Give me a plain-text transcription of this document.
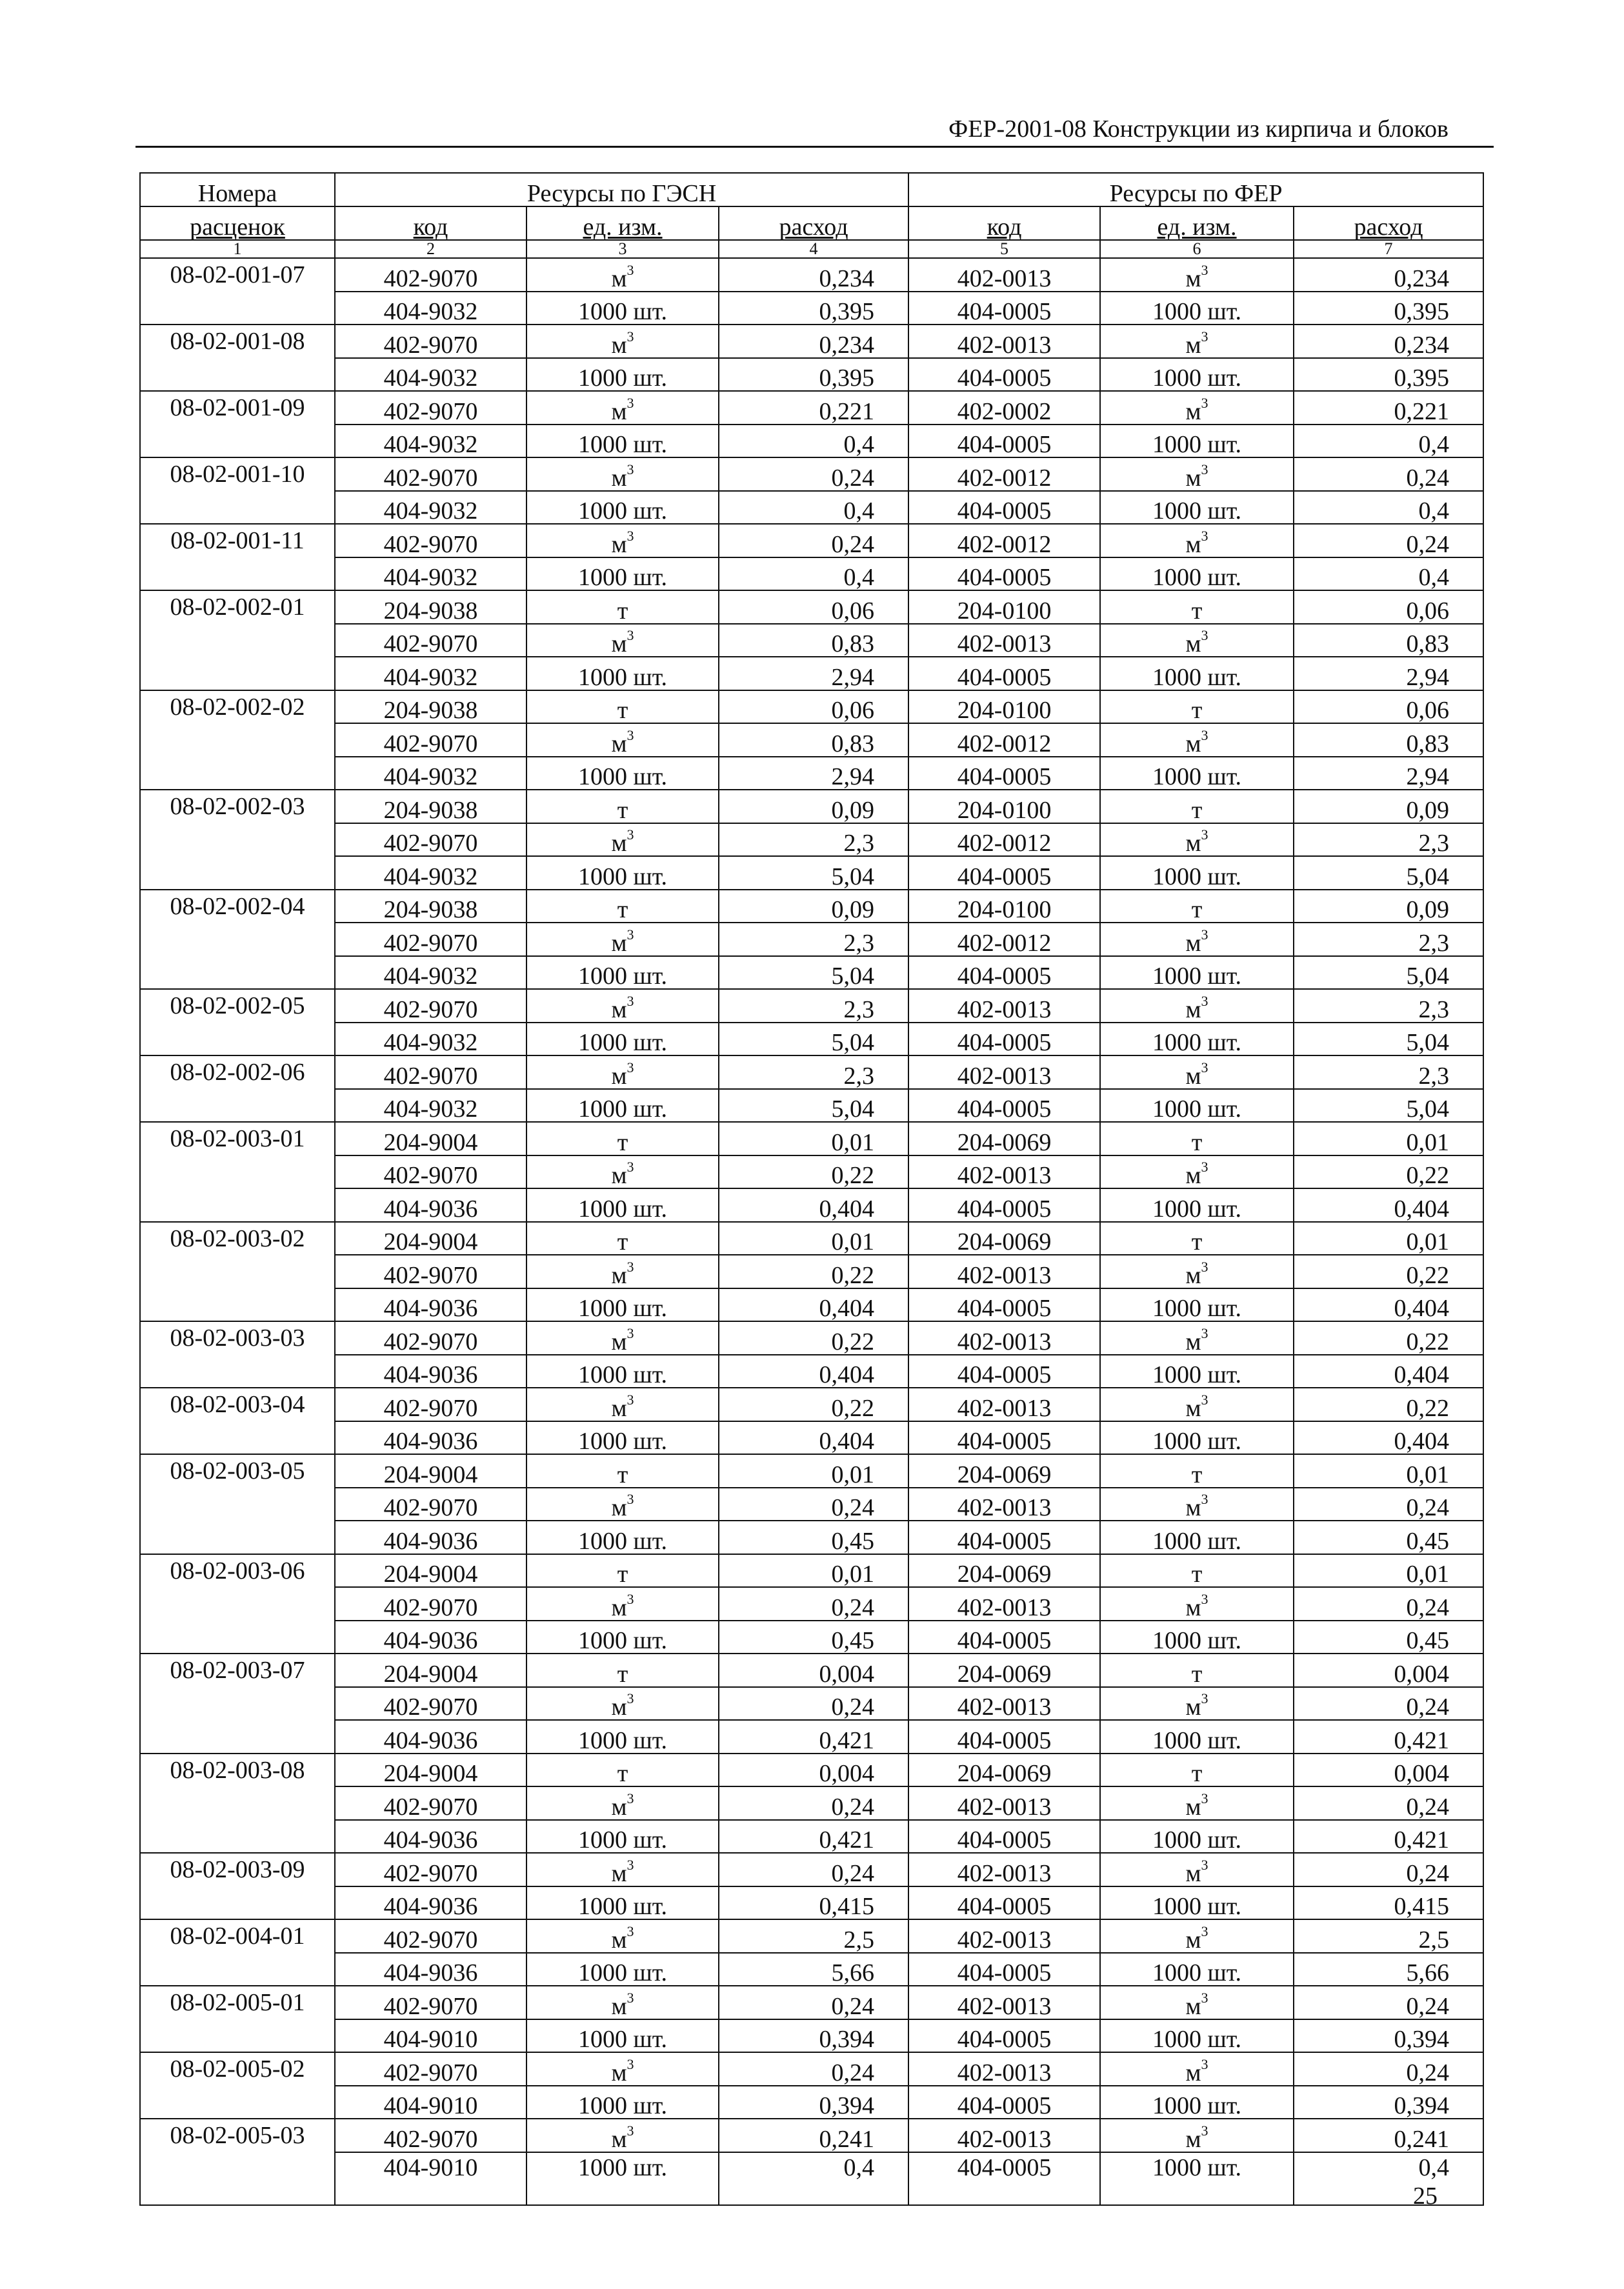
ФЕР-2001-08 Конструкции из кирпича и блоков
Номера	Ресурсы по ГЭСН			Ресурсы по ФЕР		
расценок	код	ед. изм.	расход	код	ед. изм.	расход
1	2	3	4	5	6	7
08-02-001-07	402-9070	$м^3$	0,234	402-0013	$м^3$	0,234
	404-9032	1000 шт.	0,395	404-0005	1000 шт.	0,395
08-02-001-08	402-9070	$м^3$	0,234	402-0013	$м^3$	0,234
	404-9032	1000 шт.	0,395	404-0005	1000 шт.	0,395
08-02-001-09	402-9070	$м^3$	0,221	402-0002	$м^3$	0,221
	404-9032	1000 шт.	0,4	404-0005	1000 шт.	0,4
08-02-001-10	402-9070	$м^3$	0,24	402-0012	$м^3$	0,24
	404-9032	1000 шт.	0,4	404-0005	1000 шт.	0,4
08-02-001-11	402-9070	$м^3$	0,24	402-0012	$м^3$	0,24
	404-9032	1000 шт.	0,4	404-0005	1000 шт.	0,4
08-02-002-01	204-9038	т	0,06	204-0100	т	0,06
	402-9070	$м^3$	0,83	402-0013	$м^3$	0,83
	404-9032	1000 шт.	2,94	404-0005	1000 шт.	2,94
08-02-002-02	204-9038	т	0,06	204-0100	т	0,06
	402-9070	$м^3$	0,83	402-0012	$м^3$	0,83
	404-9032	1000 шт.	2,94	404-0005	1000 шт.	2,94
08-02-002-03	204-9038	т	0,09	204-0100	т	0,09
	402-9070	$м^3$	2,3	402-0012	$м^3$	2,3
	404-9032	1000 шт.	5,04	404-0005	1000 шт.	5,04
08-02-002-04	204-9038	т	0,09	204-0100	т	0,09
	402-9070	$м^3$	2,3	402-0012	$м^3$	2,3
	404-9032	1000 шт.	5,04	404-0005	1000 шт.	5,04
08-02-002-05	402-9070	$м^3$	2,3	402-0013	$м^3$	2,3
	404-9032	1000 шт.	5,04	404-0005	1000 шт.	5,04
08-02-002-06	402-9070	$м^3$	2,3	402-0013	$м^3$	2,3
	404-9032	1000 шт.	5,04	404-0005	1000 шт.	5,04
08-02-003-01	204-9004	т	0,01	204-0069	т	0,01
	402-9070	$м^3$	0,22	402-0013	$м^3$	0,22
	404-9036	1000 шт.	0,404	404-0005	1000 шт.	0,404
08-02-003-02	204-9004	т	0,01	204-0069	т	0,01
	402-9070	$м^3$	0,22	402-0013	$м^3$	0,22
	404-9036	1000 шт.	0,404	404-0005	1000 шт.	0,404
08-02-003-03	402-9070	$м^3$	0,22	402-0013	$м^3$	0,22
	404-9036	1000 шт.	0,404	404-0005	1000 шт.	0,404
08-02-003-04	402-9070	$м^3$	0,22	402-0013	$м^3$	0,22
	404-9036	1000 шт.	0,404	404-0005	1000 шт.	0,404
08-02-003-05	204-9004	т	0,01	204-0069	т	0,01
	402-9070	$м^3$	0,24	402-0013	$м^3$	0,24
	404-9036	1000 шт.	0,45	404-0005	1000 шт.	0,45
08-02-003-06	204-9004	т	0,01	204-0069	т	0,01
	402-9070	$м^3$	0,24	402-0013	$м^3$	0,24
	404-9036	1000 шт.	0,45	404-0005	1000 шт.	0,45
08-02-003-07	204-9004	т	0,004	204-0069	т	0,004
	402-9070	$м^3$	0,24	402-0013	$м^3$	0,24
	404-9036	1000 шт.	0,421	404-0005	1000 шт.	0,421
08-02-003-08	204-9004	т	0,004	204-0069	т	0,004
	402-9070	$м^3$	0,24	402-0013	$м^3$	0,24
	404-9036	1000 шт.	0,421	404-0005	1000 шт.	0,421
08-02-003-09	402-9070	$м^3$	0,24	402-0013	$м^3$	0,24
	404-9036	1000 шт.	0,415	404-0005	1000 шт.	0,415
08-02-004-01	402-9070	$м^3$	2,5	402-0013	$м^3$	2,5
	404-9036	1000 шт.	5,66	404-0005	1000 шт.	5,66
08-02-005-01	402-9070	$м^3$	0,24	402-0013	$м^3$	0,24
	404-9010	1000 шт.	0,394	404-0005	1000 шт.	0,394
08-02-005-02	402-9070	$м^3$	0,24	402-0013	$м^3$	0,24
	404-9010	1000 шт.	0,394	404-0005	1000 шт.	0,394
08-02-005-03	402-9070	$м^3$	0,241	402-0013	$м^3$	0,241
	404-9010	1000 шт.	0,4	404-0005	1000 шт.	0,4
25
